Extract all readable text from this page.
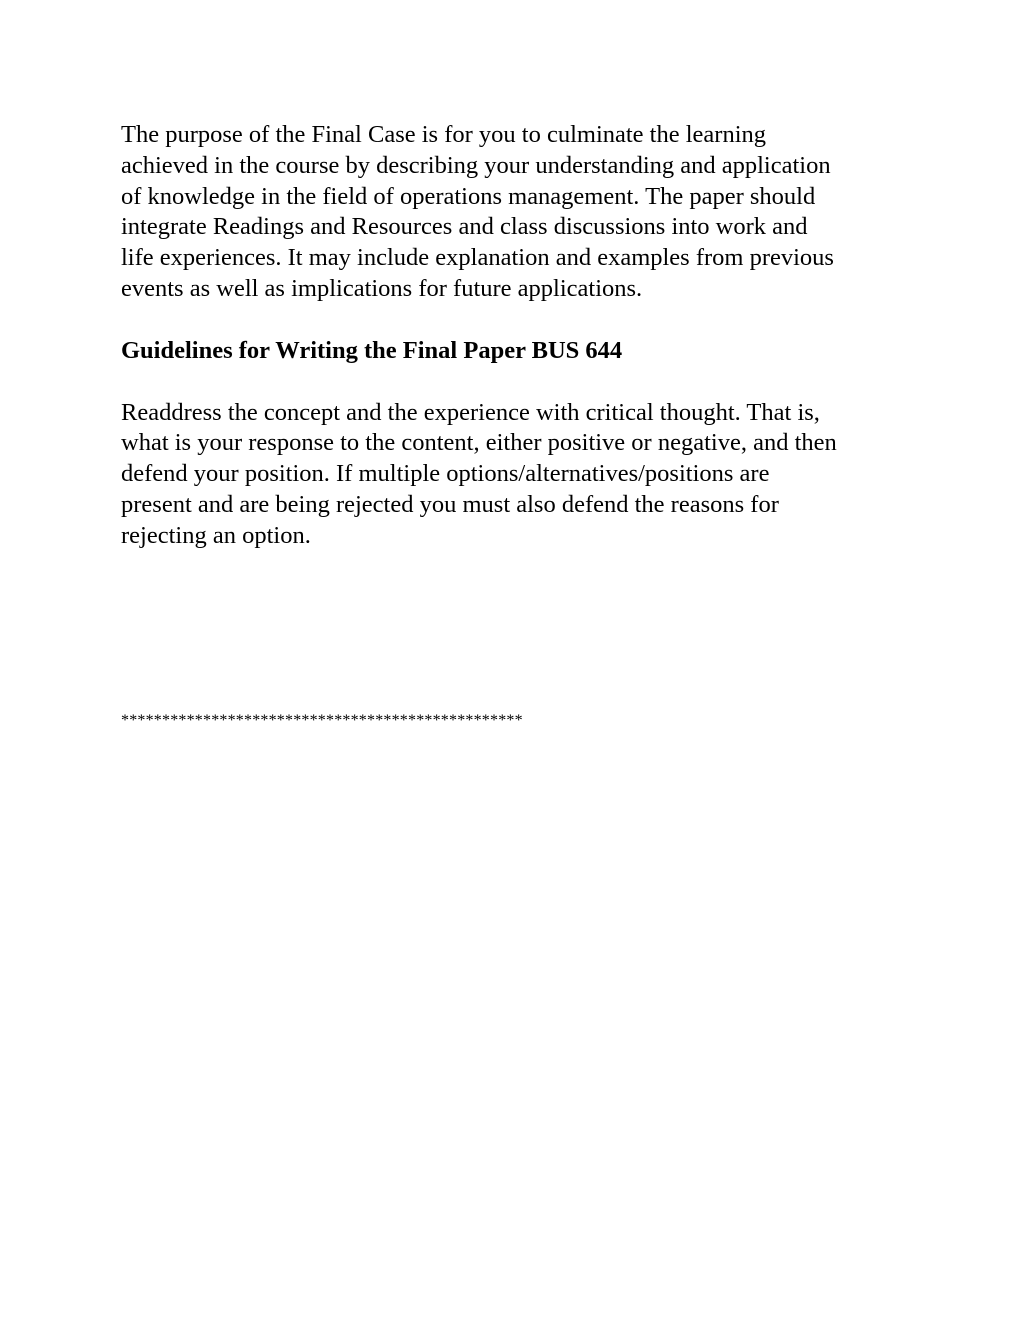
The purpose of the Final Case is for you to culminate the learning
achieved in the course by describing your understanding and application
of knowledge in the field of operations management. The paper should
integrate Readings and Resources and class discussions into work and
life experiences. It may include explanation and examples from previous
events as well as implications for future applications.

Guidelines for Writing the Final Paper BUS 644

Readdress the concept and the experience with critical thought. That is,
what is your response to the content, either positive or negative, and then
defend your position. If multiple options/alternatives/positions are
present and are being rejected you must also defend the reasons for
rejecting an option.

*************************************************
